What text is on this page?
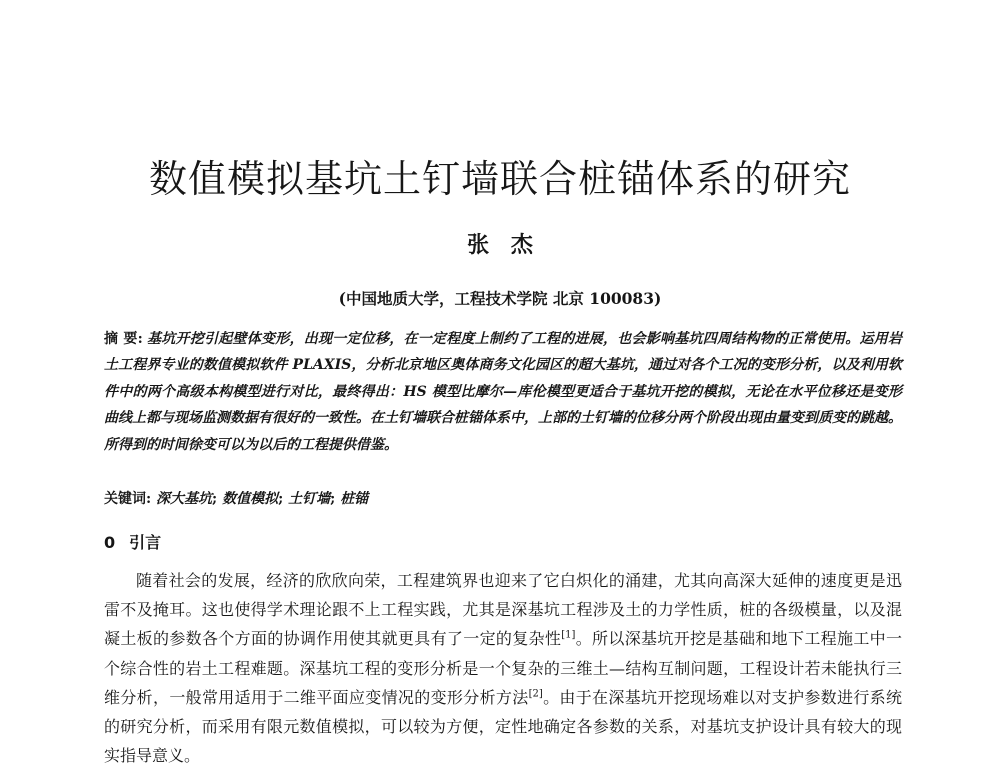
数值模拟基坑土钉墙联合桩锚体系的研究
张 杰
(中国地质大学，工程技术学院 北京 100083)

摘 要: 基坑开挖引起壁体变形，出现一定位移，在一定程度上制约了工程的进展，也会影响基坑四周结构物的正常使用。运用岩土工程界专业的数值模拟软件 PLAXIS，分析北京地区奥体商务文化园区的超大基坑，通过对各个工况的变形分析，以及利用软件中的两个高级本构模型进行对比，最终得出：HS 模型比摩尔—库伦模型更适合于基坑开挖的模拟，无论在水平位移还是变形曲线上都与现场监测数据有很好的一致性。在土钉墙联合桩锚体系中，上部的土钉墙的位移分两个阶段出现由量变到质变的跳越。所得到的时间徐变可以为以后的工程提供借鉴。

关键词: 深大基坑; 数值模拟; 土钉墙; 桩锚

0 引言

随着社会的发展，经济的欣欣向荣，工程建筑界也迎来了它白炽化的涌建，尤其向高深大延伸的速度更是迅雷不及掩耳。这也使得学术理论跟不上工程实践，尤其是深基坑工程涉及土的力学性质，桩的各级模量，以及混凝土板的参数各个方面的协调作用使其就更具有了一定的复杂性[1]。所以深基坑开挖是基础和地下工程施工中一个综合性的岩土工程难题。深基坑工程的变形分析是一个复杂的三维土—结构互制问题，工程设计若未能执行三维分析，一般常用适用于二维平面应变情况的变形分析方法[2]。由于在深基坑开挖现场难以对支护参数进行系统的研究分析，而采用有限元数值模拟，可以较为方便，定性地确定各参数的关系，对基坑支护设计具有较大的现实指导意义。
